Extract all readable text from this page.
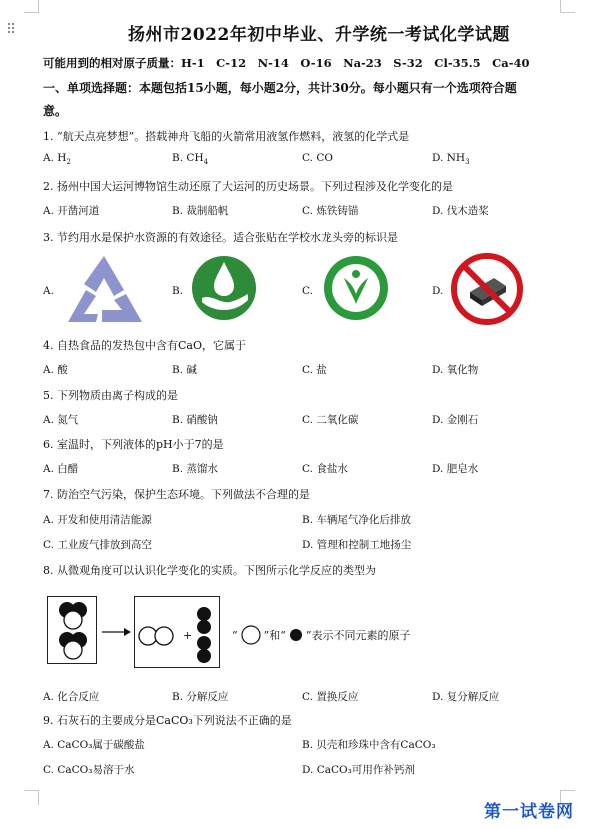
⠿	扬州市2022年初中毕业、升学统一考试化学试题
可能用到的相对原子质量：H-1　C-12　N-14　O-16　Na-23　S-32　Cl-35.5　Ca-40
一、单项选择题：本题包括15小题，每小题2分，共计30分。每小题只有一个选项符合题
意。
1. “航天点亮梦想”。搭载神舟飞船的火箭常用液氢作燃料，液氢的化学式是
A. $H_2$	B. $CH_4$	C. CO	D. $NH_3$
2. 扬州中国大运河博物馆生动还原了大运河的历史场景。下列过程涉及化学变化的是
A. 开凿河道	B. 裁制船帆	C. 炼铁铸锚	D. 伐木造桨
3. 节约用水是保护水资源的有效途径。适合张贴在学校水龙头旁的标识是
A.	B.	C.	D.
4. 自热食品的发热包中含有CaO，它属于
A. 酸	B. 碱	C. 盐	D. 氧化物
5. 下列物质由离子构成的是
A. 氮气	B. 硝酸钠	C. 二氧化碳	D. 金刚石
6. 室温时，下列液体的pH小于7的是
A. 白醋	B. 蒸馏水	C. 食盐水	D. 肥皂水
7. 防治空气污染，保护生态环境。下列做法不合理的是
A. 开发和使用清洁能源	B. 车辆尾气净化后排放
C. 工业废气排放到高空	D. 管理和控制工地扬尘
8. 从微观角度可以认识化学变化的实质。下图所示化学反应的类型为
+	“ ”和“ ”表示不同元素的原子
A. 化合反应	B. 分解反应	C. 置换反应	D. 复分解反应
9. 石灰石的主要成分是CaCO₃下列说法不正确的是
A. CaCO₃属于碳酸盐	B. 贝壳和珍珠中含有CaCO₃
C. CaCO₃易溶于水	D. CaCO₃可用作补钙剂
第一试卷网
